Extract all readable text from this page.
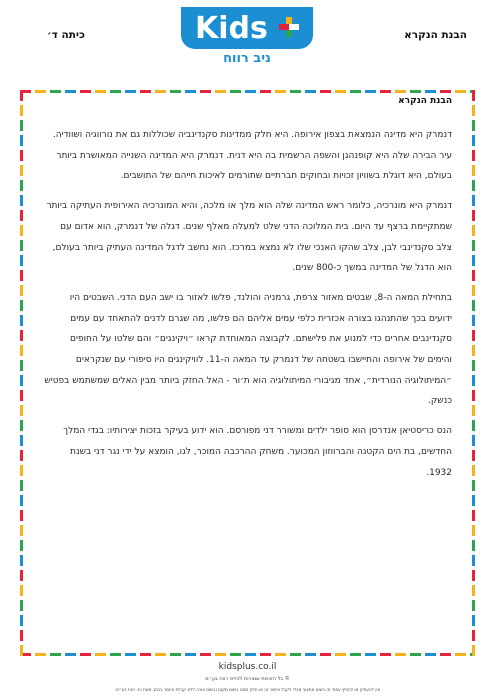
הבנת הנקרא
כיתה ד׳	Kids
ניב רווח
הבנת הנקרא

דנמרק היא מדינה הנמצאת בצפון אירופה. היא חלק ממדינות סקנדינביה שכוללות גם את נורווגיה ושוודיה. עיר הבירה שלה היא קופנהגן והשפה הרשמית בה היא דנית. דנמרק היא המדינה השנייה המאושרת ביותר בעולם, היא דוגלת בשוויון זכויות ובחוקים חברתיים שתורמים לאיכות חייהם של התושבים.

דנמרק היא מונרכיה, כלומר ראש המדינה שלה הוא מלך או מלכה, והיא המונרכיה האירופית העתיקה ביותר שמתקיימת ברצף עד היום. בית המלוכה הדני שלט למעלה מאלף שנים. דגלה של דנמרק, הוא אדום עם צלב סקנדינבי לבן, צלב שהקו האנכי שלו לא נמצא במרכז. הוא נחשב לדגל המדינה העתיק ביותר בעולם, הוא הדגל של המדינה במשך כ-800 שנים.

בתחילת המאה ה-8, שבטים מאזור צרפת, גרמניה והולנד, פלשו לאזור בו ישב העם הדני. השבטים היו ידועים בכך שהתנהגו בצורה אכזרית כלפי עמים אליהם הם פלשו, מה שגרם לדנים להתאחד עם עמים סקנדינבים אחרים כדי למנוע את פלישתם. לקבוצה המאוחדת קראו ״ויקינגים״ והם שלטו על החופים והימים של אירופה והתיישבו בשטחה של דנמרק עד המאה ה-11. לוויקינגים היו סיפורי עם שנקראים ״המיתולוגיה הנורדית״, אחד מגיבורי המיתולוגיה הוא ת׳ור - האל החזק ביותר מבין האלים שמשתמש בפטיש כנשק.

הנס כריסטיאן אנדרסן הוא סופר ילדים ומשורר דני מפורסם. הוא ידוע בעיקר בזכות יצירותיו: בגדי המלך החדשים, בת הים הקטנה והברווזון המכוער. משחק ההרכבה המוכר, לגו, הומצא על ידי נגר דני בשנת 1932.

kidsplus.co.il
© כל הזכויות שמורות לכידס רווח בע״מ
אין להעתיק או להפיץ עמוד זה בשום אמצעי מבלי לקבל אישור זה או חלק ממנו בשום מקום ובשום צורה ללא קבלת אישור בכתב מאת ניב רווח בע״מ.
